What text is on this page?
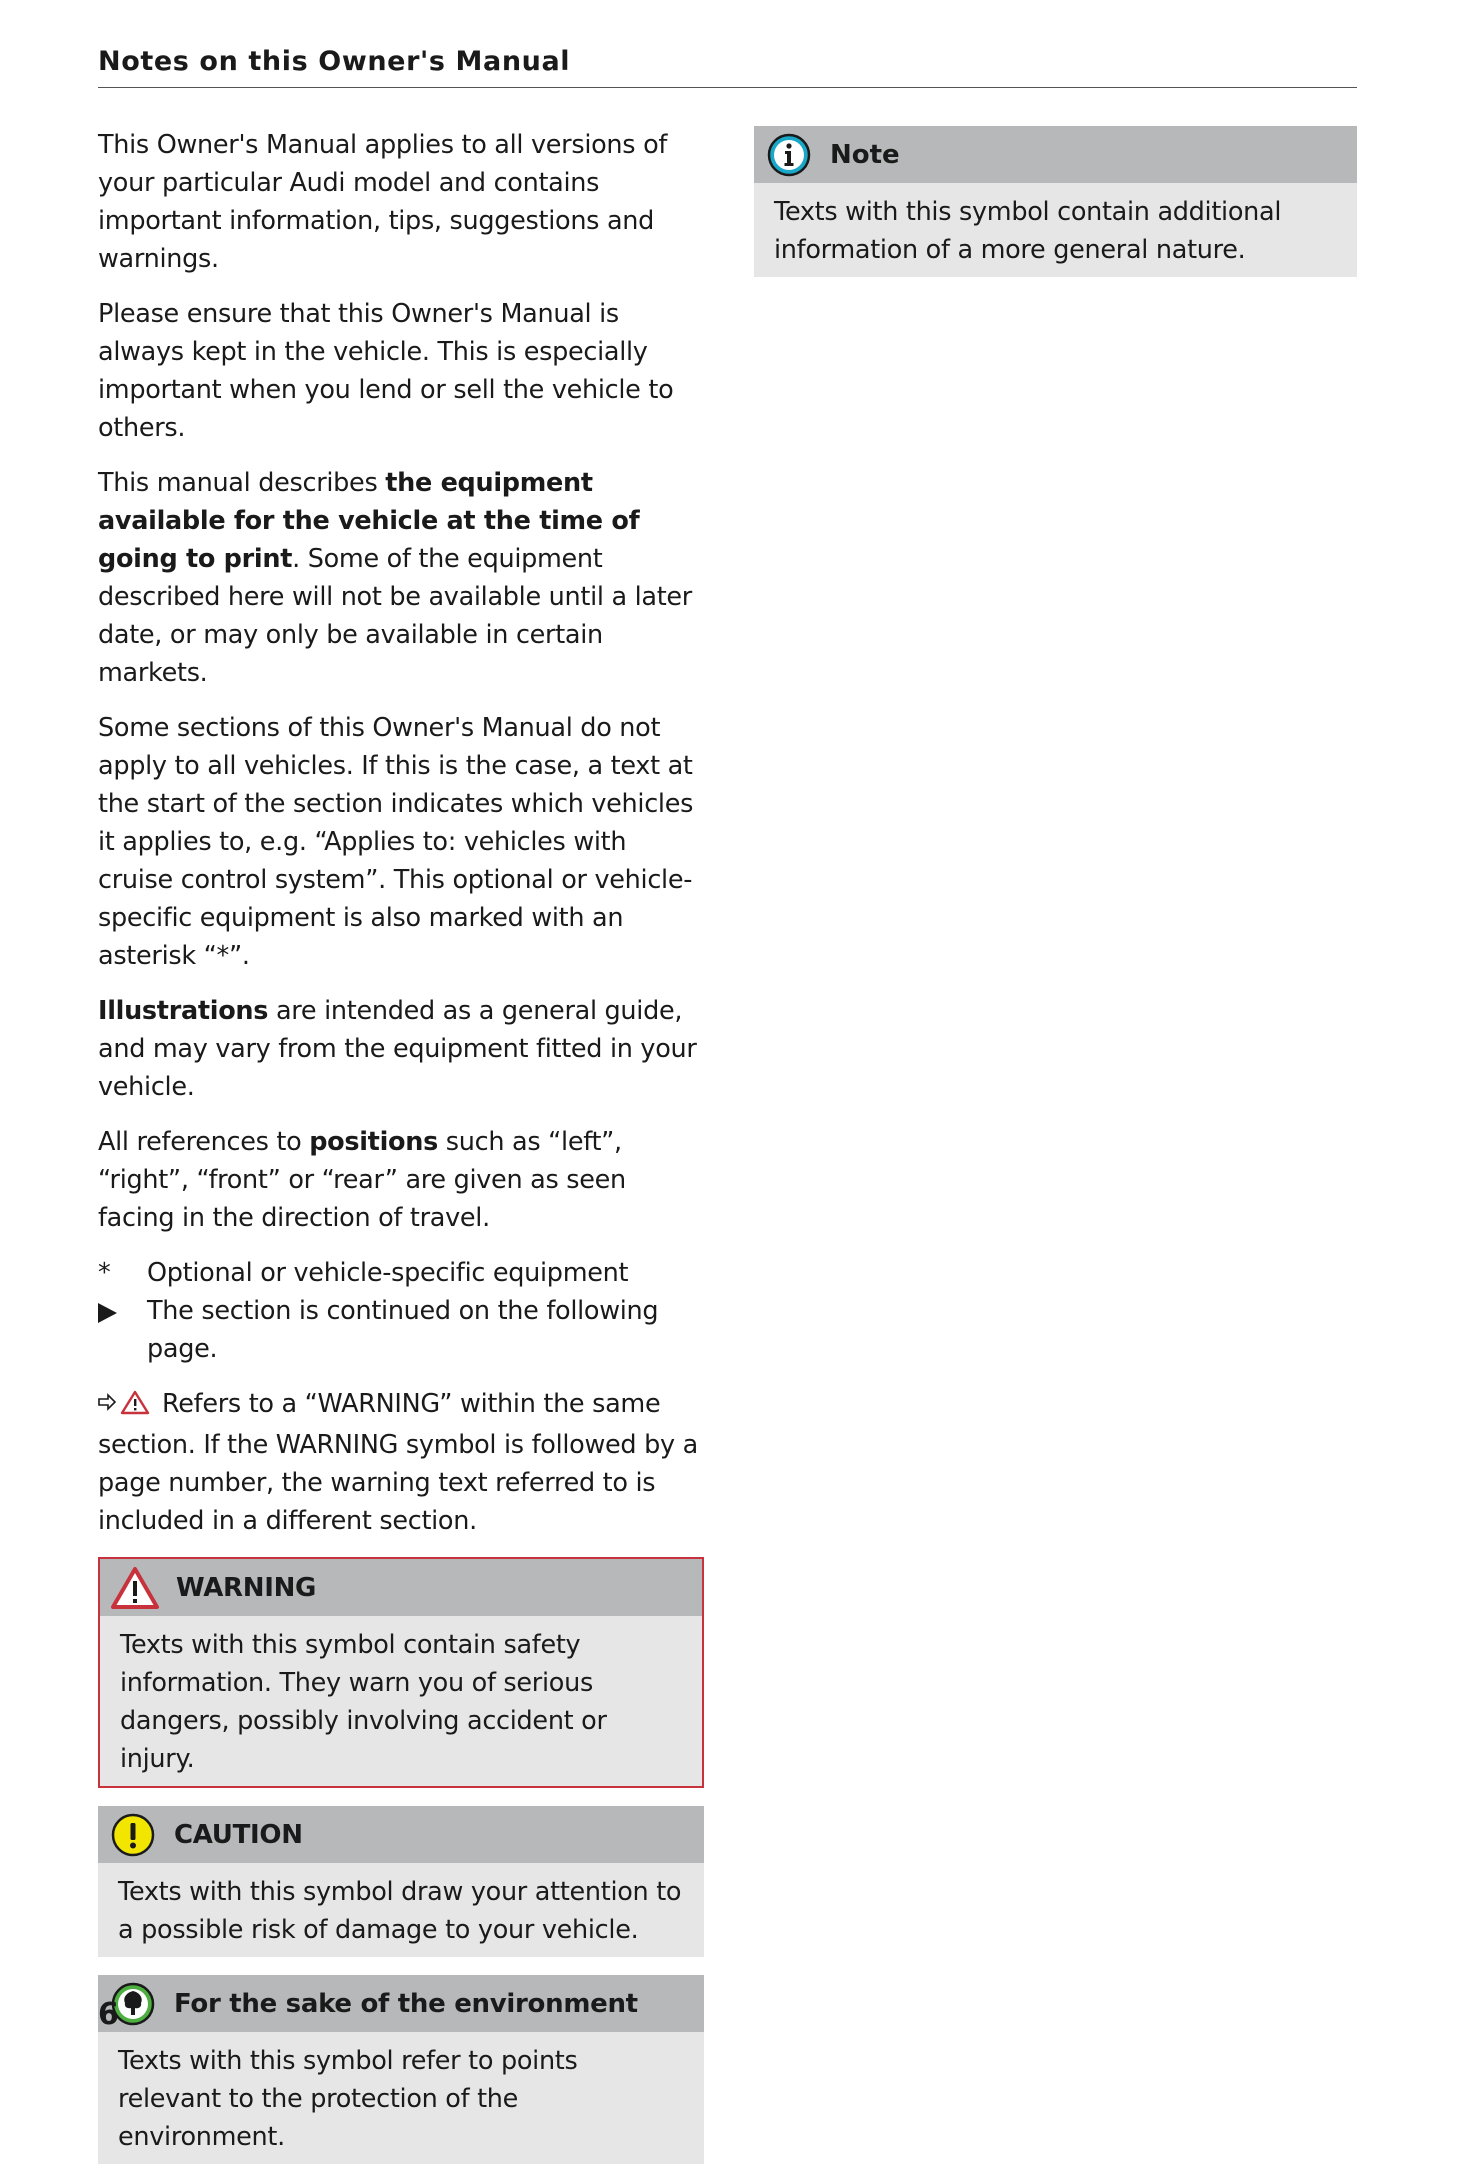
Notes on this Owner's Manual

This Owner's Manual applies to all versions of your particular Audi model and contains important information, tips, suggestions and warnings.

Please ensure that this Owner's Manual is always kept in the vehicle. This is especially important when you lend or sell the vehicle to others.

This manual describes the equipment available for the vehicle at the time of going to print. Some of the equipment described here will not be available until a later date, or may only be available in certain markets.

Some sections of this Owner's Manual do not apply to all vehicles. If this is the case, a text at the start of the section indicates which vehicles it applies to, e.g. “Applies to: vehicles with cruise control system”. This optional or vehicle-specific equipment is also marked with an asterisk “*”.

Illustrations are intended as a general guide, and may vary from the equipment fitted in your vehicle.

All references to positions such as “left”, “right”, “front” or “rear” are given as seen facing in the direction of travel.

*	Optional or vehicle-specific equipment
The section is continued on the following page.

Refers to a “WARNING” within the same section. If the WARNING symbol is followed by a page number, the warning text referred to is included in a different section.

WARNING
Texts with this symbol contain safety information. They warn you of serious dangers, possibly involving accident or injury.
CAUTION
Texts with this symbol draw your attention to a possible risk of damage to your vehicle.
For the sake of the environment
Texts with this symbol refer to points relevant to the protection of the environment.
Note
Texts with this symbol contain additional information of a more general nature.
6
